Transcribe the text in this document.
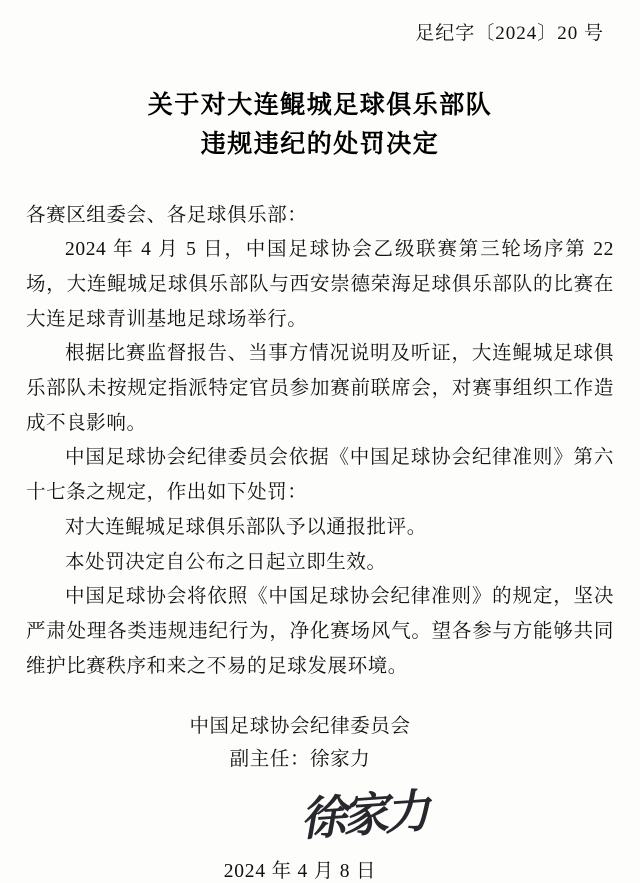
足纪字〔2024〕20 号
关于对大连鲲城足球俱乐部队
违规违纪的处罚决定

各赛区组委会、各足球俱乐部：

2024 年 4 月 5 日，中国足球协会乙级联赛第三轮场序第 22 场，大连鲲城足球俱乐部队与西安崇德荣海足球俱乐部队的比赛在大连足球青训基地足球场举行。

根据比赛监督报告、当事方情况说明及听证，大连鲲城足球俱乐部队未按规定指派特定官员参加赛前联席会，对赛事组织工作造成不良影响。

中国足球协会纪律委员会依据《中国足球协会纪律准则》第六十七条之规定，作出如下处罚：

对大连鲲城足球俱乐部队予以通报批评。

本处罚决定自公布之日起立即生效。

中国足球协会将依照《中国足球协会纪律准则》的规定，坚决严肃处理各类违规违纪行为，净化赛场风气。望各参与方能够共同维护比赛秩序和来之不易的足球发展环境。

中国足球协会纪律委员会
副主任：徐家力
徐家力
2024 年 4 月 8 日
